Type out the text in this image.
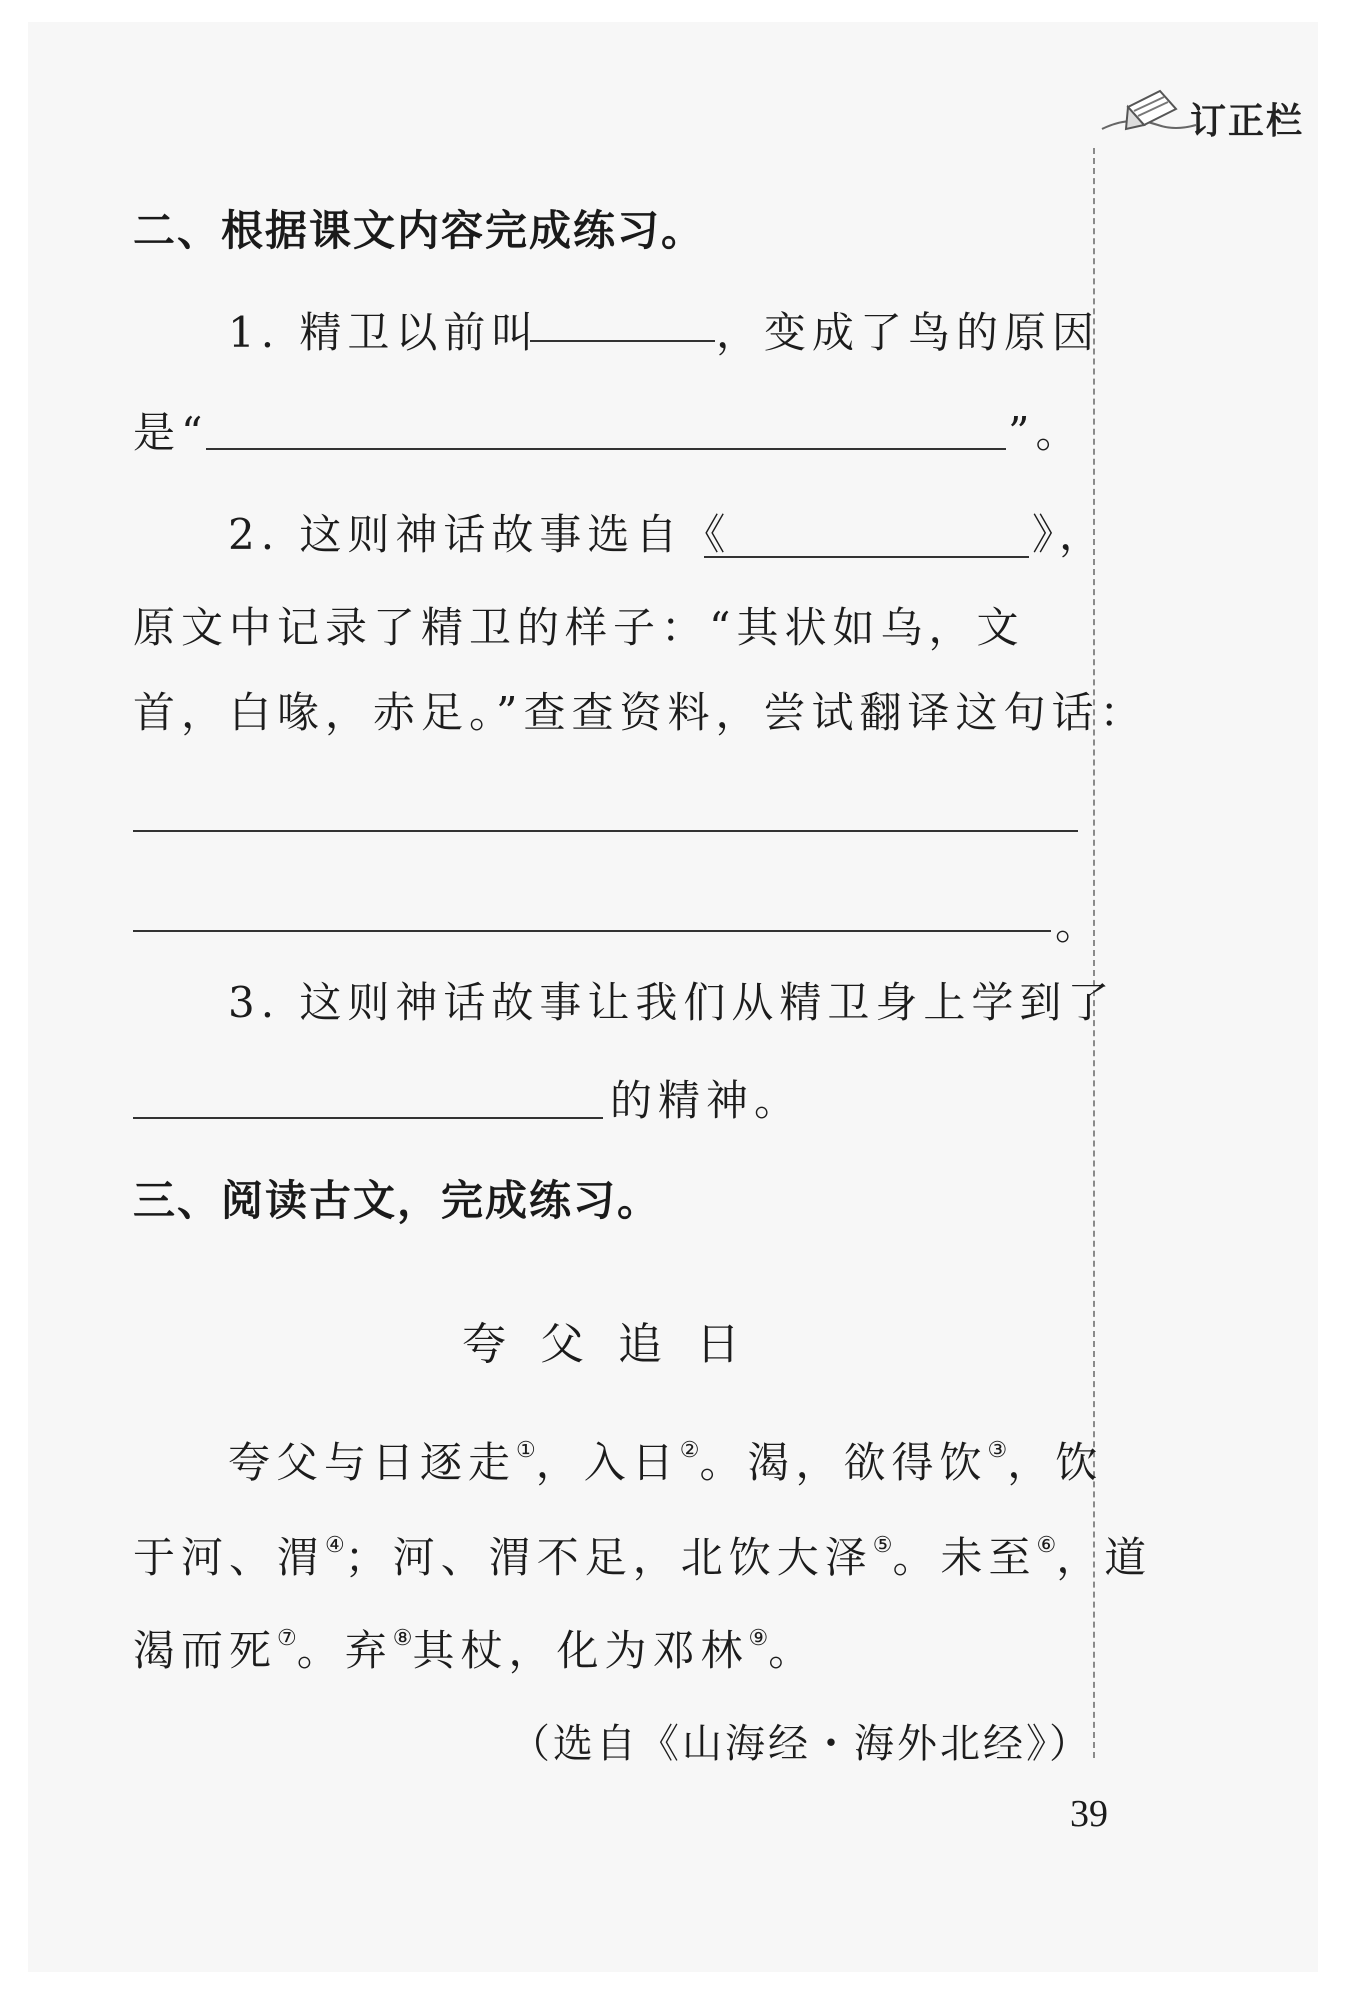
订正栏
二、根据课文内容完成练习。
1. 精卫以前叫	，变成了鸟的原因
是“	”。
2. 这则神话故事选自《	》，
原文中记录了精卫的样子：“其状如乌，文
首，白喙，赤足。”查查资料，尝试翻译这句话：
。
3. 这则神话故事让我们从精卫身上学到了
的精神。
三、阅读古文，完成练习。
夸 父 追 日
夸父与日逐走①，入日②。渴，欲得饮③，饮
于河、渭④；河、渭不足，北饮大泽⑤。未至⑥，道
渴而死⑦。弃⑧其杖，化为邓林⑨。
（选自《山海经・海外北经》）
39
